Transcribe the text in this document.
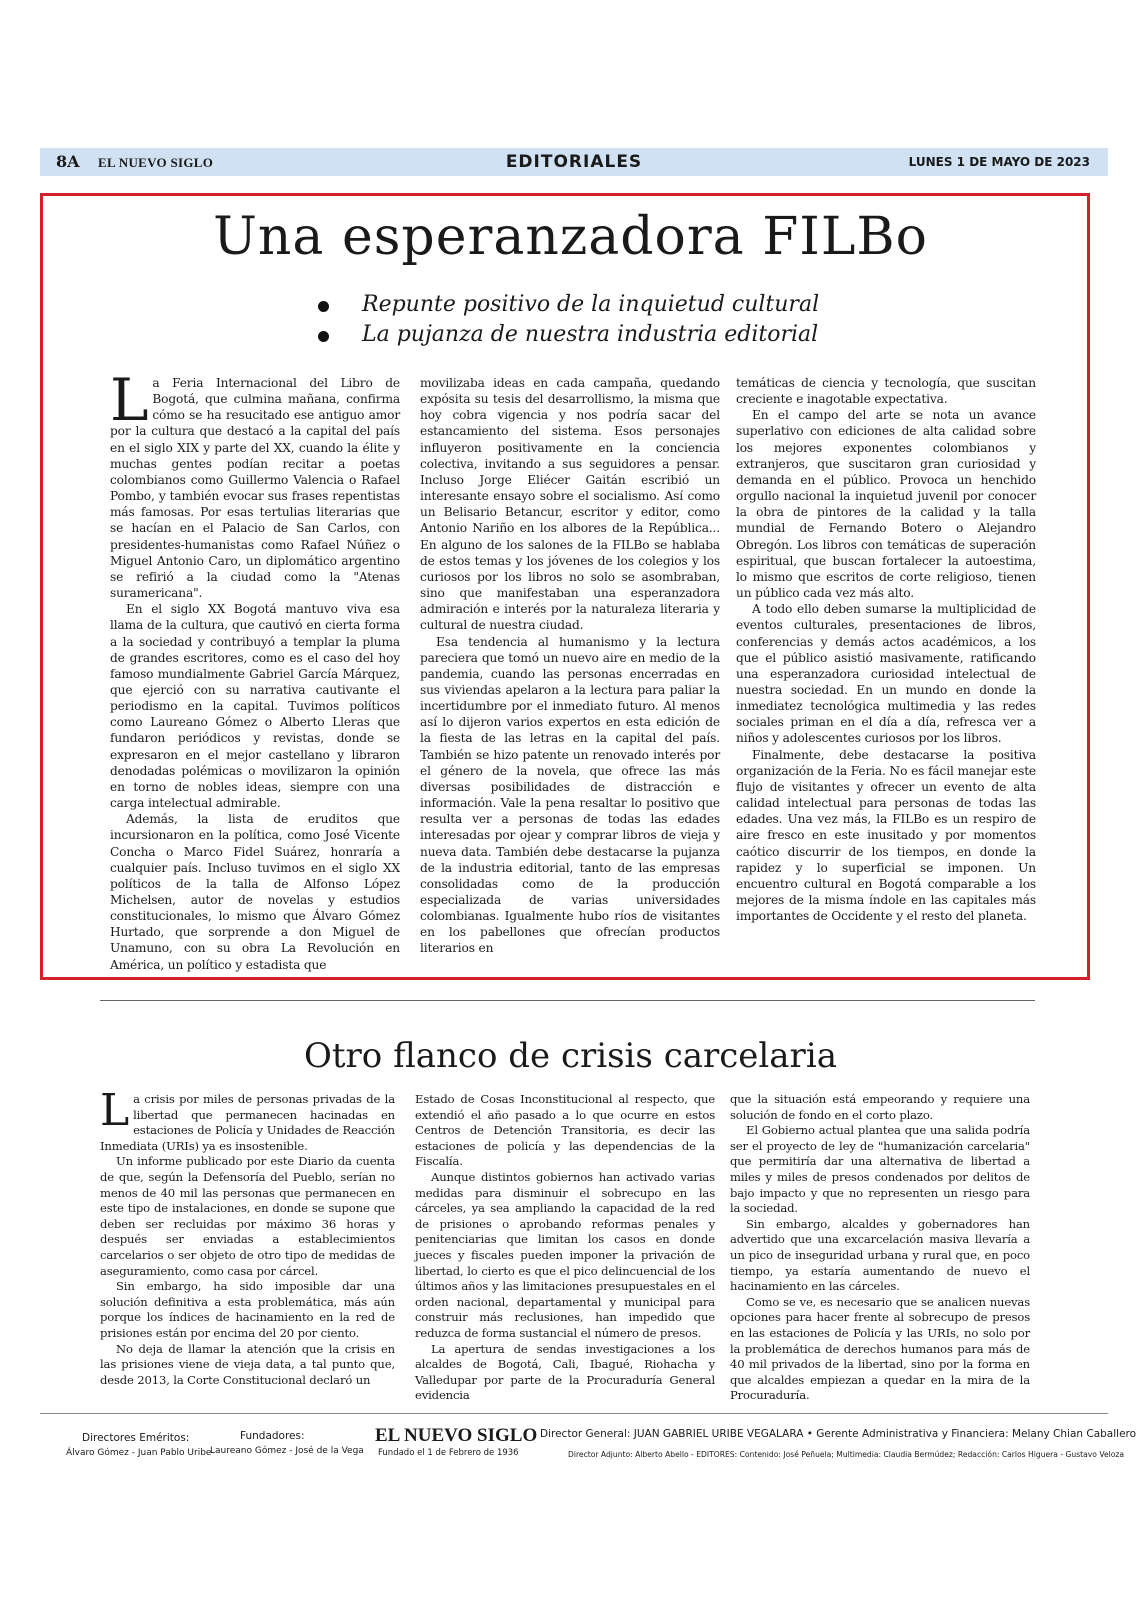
8A EL NUEVO SIGLO	EDITORIALES	LUNES 1 DE MAYO DE 2023
Una esperanzadora FILBo
Repunte positivo de la inquietud cultural
La pujanza de nuestra industria editorial

La Feria Internacional del Libro de Bogotá, que culmina mañana, confirma cómo se ha resucitado ese antiguo amor por la cultura que destacó a la capital del país en el siglo XIX y parte del XX, cuando la élite y muchas gentes podían recitar a poetas colombianos como Guillermo Valencia o Rafael Pombo, y también evocar sus frases repentistas más famosas. Por esas tertulias literarias que se hacían en el Palacio de San Carlos, con presidentes-humanistas como Rafael Núñez o Miguel Antonio Caro, un diplomático argentino se refirió a la ciudad como la "Atenas suramericana".

En el siglo XX Bogotá mantuvo viva esa llama de la cultura, que cautivó en cierta forma a la sociedad y contribuyó a templar la pluma de grandes escritores, como es el caso del hoy famoso mundialmente Gabriel García Márquez, que ejerció con su narrativa cautivante el periodismo en la capital. Tuvimos políticos como Laureano Gómez o Alberto Lleras que fundaron periódicos y revistas, donde se expresaron en el mejor castellano y libraron denodadas polémicas o movilizaron la opinión en torno de nobles ideas, siempre con una carga intelectual admirable.

Además, la lista de eruditos que incursionaron en la política, como José Vicente Concha o Marco Fidel Suárez, honraría a cualquier país. Incluso tuvimos en el siglo XX políticos de la talla de Alfonso López Michelsen, autor de novelas y estudios constitucionales, lo mismo que Álvaro Gómez Hurtado, que sorprende a don Miguel de Unamuno, con su obra La Revolución en América, un político y estadista que

movilizaba ideas en cada campaña, quedando expósita su tesis del desarrollismo, la misma que hoy cobra vigencia y nos podría sacar del estancamiento del sistema. Esos personajes influyeron positivamente en la conciencia colectiva, invitando a sus seguidores a pensar. Incluso Jorge Eliécer Gaitán escribió un interesante ensayo sobre el socialismo. Así como un Belisario Betancur, escritor y editor, como Antonio Nariño en los albores de la República... En alguno de los salones de la FILBo se hablaba de estos temas y los jóvenes de los colegios y los curiosos por los libros no solo se asombraban, sino que manifestaban una esperanzadora admiración e interés por la naturaleza literaria y cultural de nuestra ciudad.

Esa tendencia al humanismo y la lectura pareciera que tomó un nuevo aire en medio de la pandemia, cuando las personas encerradas en sus viviendas apelaron a la lectura para paliar la incertidumbre por el inmediato futuro. Al menos así lo dijeron varios expertos en esta edición de la fiesta de las letras en la capital del país. También se hizo patente un renovado interés por el género de la novela, que ofrece las más diversas posibilidades de distracción e información. Vale la pena resaltar lo positivo que resulta ver a personas de todas las edades interesadas por ojear y comprar libros de vieja y nueva data. También debe destacarse la pujanza de la industria editorial, tanto de las empresas consolidadas como de la producción especializada de varias universidades colombianas. Igualmente hubo ríos de visitantes en los pabellones que ofrecían productos literarios en

temáticas de ciencia y tecnología, que suscitan creciente e inagotable expectativa.

En el campo del arte se nota un avance superlativo con ediciones de alta calidad sobre los mejores exponentes colombianos y extranjeros, que suscitaron gran curiosidad y demanda en el público. Provoca un henchido orgullo nacional la inquietud juvenil por conocer la obra de pintores de la calidad y la talla mundial de Fernando Botero o Alejandro Obregón. Los libros con temáticas de superación espiritual, que buscan fortalecer la autoestima, lo mismo que escritos de corte religioso, tienen un público cada vez más alto.

A todo ello deben sumarse la multiplicidad de eventos culturales, presentaciones de libros, conferencias y demás actos académicos, a los que el público asistió masivamente, ratificando una esperanzadora curiosidad intelectual de nuestra sociedad. En un mundo en donde la inmediatez tecnológica multimedia y las redes sociales priman en el día a día, refresca ver a niños y adolescentes curiosos por los libros.

Finalmente, debe destacarse la positiva organización de la Feria. No es fácil manejar este flujo de visitantes y ofrecer un evento de alta calidad intelectual para personas de todas las edades. Una vez más, la FILBo es un respiro de aire fresco en este inusitado y por momentos caótico discurrir de los tiempos, en donde la rapidez y lo superficial se imponen. Un encuentro cultural en Bogotá comparable a los mejores de la misma índole en las capitales más importantes de Occidente y el resto del planeta.

Otro flanco de crisis carcelaria

La crisis por miles de personas privadas de la libertad que permanecen hacinadas en estaciones de Policía y Unidades de Reacción Inmediata (URIs) ya es insostenible.

Un informe publicado por este Diario da cuenta de que, según la Defensoría del Pueblo, serían no menos de 40 mil las personas que permanecen en este tipo de instalaciones, en donde se supone que deben ser recluidas por máximo 36 horas y después ser enviadas a establecimientos carcelarios o ser objeto de otro tipo de medidas de aseguramiento, como casa por cárcel.

Sin embargo, ha sido imposible dar una solución definitiva a esta problemática, más aún porque los índices de hacinamiento en la red de prisiones están por encima del 20 por ciento.

No deja de llamar la atención que la crisis en las prisiones viene de vieja data, a tal punto que, desde 2013, la Corte Constitucional declaró un

Estado de Cosas Inconstitucional al respecto, que extendió el año pasado a lo que ocurre en estos Centros de Detención Transitoria, es decir las estaciones de policía y las dependencias de la Fiscalía.

Aunque distintos gobiernos han activado varias medidas para disminuir el sobrecupo en las cárceles, ya sea ampliando la capacidad de la red de prisiones o aprobando reformas penales y penitenciarias que limitan los casos en donde jueces y fiscales pueden imponer la privación de libertad, lo cierto es que el pico delincuencial de los últimos años y las limitaciones presupuestales en el orden nacional, departamental y municipal para construir más reclusiones, han impedido que reduzca de forma sustancial el número de presos.

La apertura de sendas investigaciones a los alcaldes de Bogotá, Cali, Ibagué, Riohacha y Valledupar por parte de la Procuraduría General evidencia

que la situación está empeorando y requiere una solución de fondo en el corto plazo.

El Gobierno actual plantea que una salida podría ser el proyecto de ley de "humanización carcelaria" que permitiría dar una alternativa de libertad a miles y miles de presos condenados por delitos de bajo impacto y que no representen un riesgo para la sociedad.

Sin embargo, alcaldes y gobernadores han advertido que una excarcelación masiva llevaría a un pico de inseguridad urbana y rural que, en poco tiempo, ya estaría aumentando de nuevo el hacinamiento en las cárceles.

Como se ve, es necesario que se analicen nuevas opciones para hacer frente al sobrecupo de presos en las estaciones de Policía y las URIs, no solo por la problemática de derechos humanos para más de 40 mil privados de la libertad, sino por la forma en que alcaldes empiezan a quedar en la mira de la Procuraduría.

Directores Eméritos:
Álvaro Gómez - Juan Pablo Uribe
Fundadores:
Laureano Gómez - José de la Vega
EL NUEVO SIGLO
Fundado el 1 de Febrero de 1936
Director General: JUAN GABRIEL URIBE VEGALARA • Gerente Administrativa y Financiera: Melany Chian Caballero
Director Adjunto: Alberto Abello - EDITORES: Contenido: José Peñuela; Multimedia: Claudia Bermúdez; Redacción: Carlos Higuera - Gustavo Veloza
